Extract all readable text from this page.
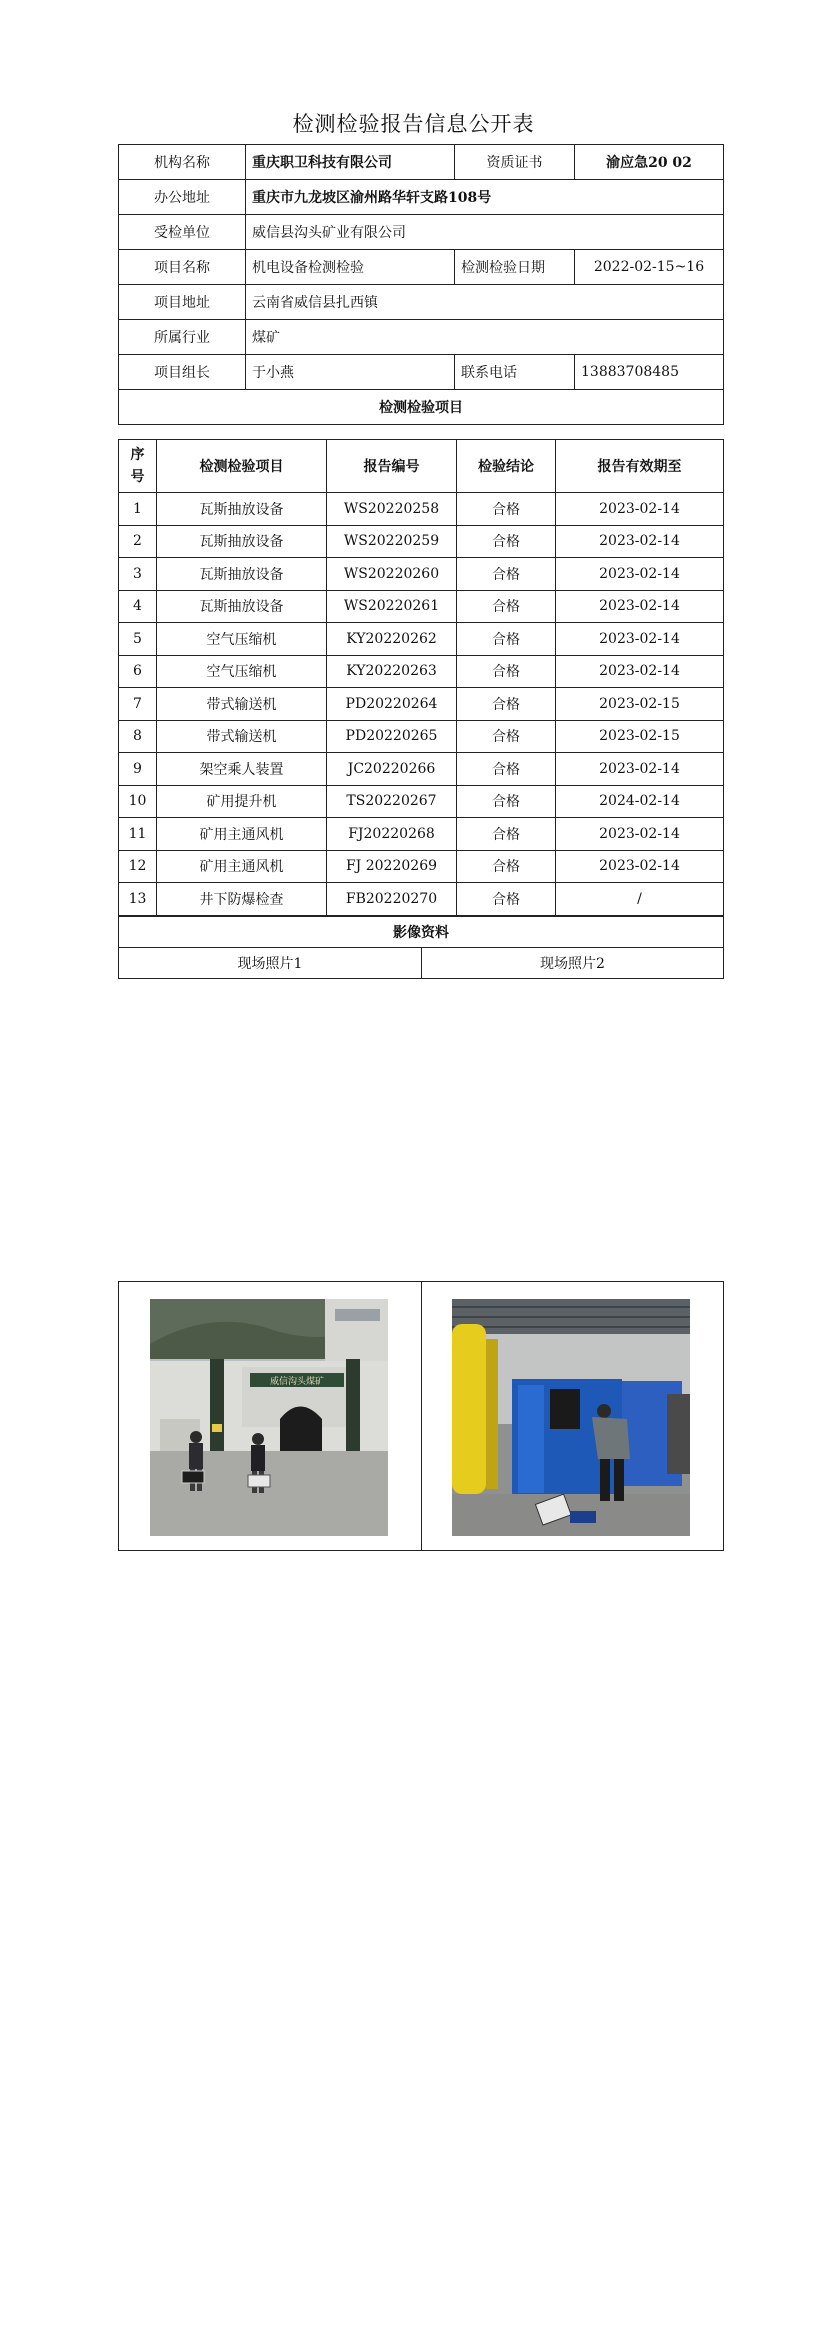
检测检验报告信息公开表
机构名称	重庆职卫科技有限公司	资质证书	渝应急20 02
办公地址	重庆市九龙坡区渝州路华轩支路108号		
受检单位	威信县沟头矿业有限公司		
项目名称	机电设备检测检验	检测检验日期	2022-02-15~16
项目地址	云南省威信县扎西镇		
所属行业	煤矿		
项目组长	于小燕	联系电话	13883708485
检测检验项目			
序号	检测检验项目	报告编号	检验结论	报告有效期至
1	瓦斯抽放设备	WS20220258	合格	2023-02-14
2	瓦斯抽放设备	WS20220259	合格	2023-02-14
3	瓦斯抽放设备	WS20220260	合格	2023-02-14
4	瓦斯抽放设备	WS20220261	合格	2023-02-14
5	空气压缩机	KY20220262	合格	2023-02-14
6	空气压缩机	KY20220263	合格	2023-02-14
7	带式输送机	PD20220264	合格	2023-02-15
8	带式输送机	PD20220265	合格	2023-02-15
9	架空乘人装置	JC20220266	合格	2023-02-14
10	矿用提升机	TS20220267	合格	2024-02-14
11	矿用主通风机	FJ20220268	合格	2023-02-14
12	矿用主通风机	FJ 20220269	合格	2023-02-14
13	井下防爆检查	FB20220270	合格	/
影像资料
现场照片1	现场照片2
威信沟头煤矿
